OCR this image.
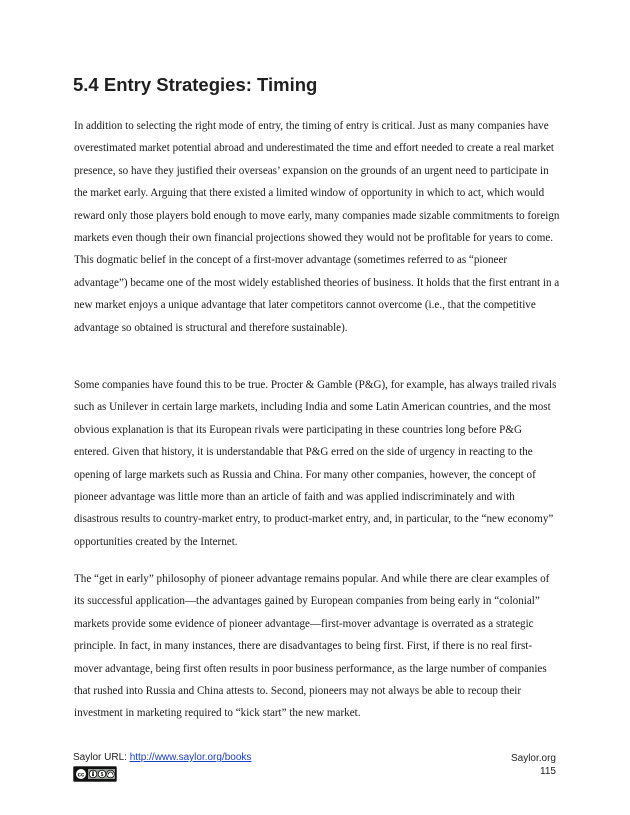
5.4 Entry Strategies: Timing

In addition to selecting the right mode of entry, the timing of entry is critical. Just as many companies have overestimated market potential abroad and underestimated the time and effort needed to create a real market presence, so have they justified their overseas’ expansion on the grounds of an urgent need to participate in the market early. Arguing that there existed a limited window of opportunity in which to act, which would reward only those players bold enough to move early, many companies made sizable commitments to foreign markets even though their own financial projections showed they would not be profitable for years to come. This dogmatic belief in the concept of a first-mover advantage (sometimes referred to as “pioneer advantage”) became one of the most widely established theories of business. It holds that the first entrant in a new market enjoys a unique advantage that later competitors cannot overcome (i.e., that the competitive advantage so obtained is structural and therefore sustainable).

Some companies have found this to be true. Procter & Gamble (P&G), for example, has always trailed rivals such as Unilever in certain large markets, including India and some Latin American countries, and the most obvious explanation is that its European rivals were participating in these countries long before P&G entered. Given that history, it is understandable that P&G erred on the side of urgency in reacting to the opening of large markets such as Russia and China. For many other companies, however, the concept of pioneer advantage was little more than an article of faith and was applied indiscriminately and with disastrous results to country-market entry, to product-market entry, and, in particular, to the “new economy” opportunities created by the Internet.

The “get in early” philosophy of pioneer advantage remains popular. And while there are clear examples of its successful application—the advantages gained by European companies from being early in “colonial” markets provide some evidence of pioneer advantage—first-mover advantage is overrated as a strategic principle. In fact, in many instances, there are disadvantages to being first. First, if there is no real first-mover advantage, being first often results in poor business performance, as the large number of companies that rushed into Russia and China attests to. Second, pioneers may not always be able to recoup their investment in marketing required to “kick start” the new market.

Saylor URL: http://www.saylor.org/books
cc	$
Saylor.org
115
